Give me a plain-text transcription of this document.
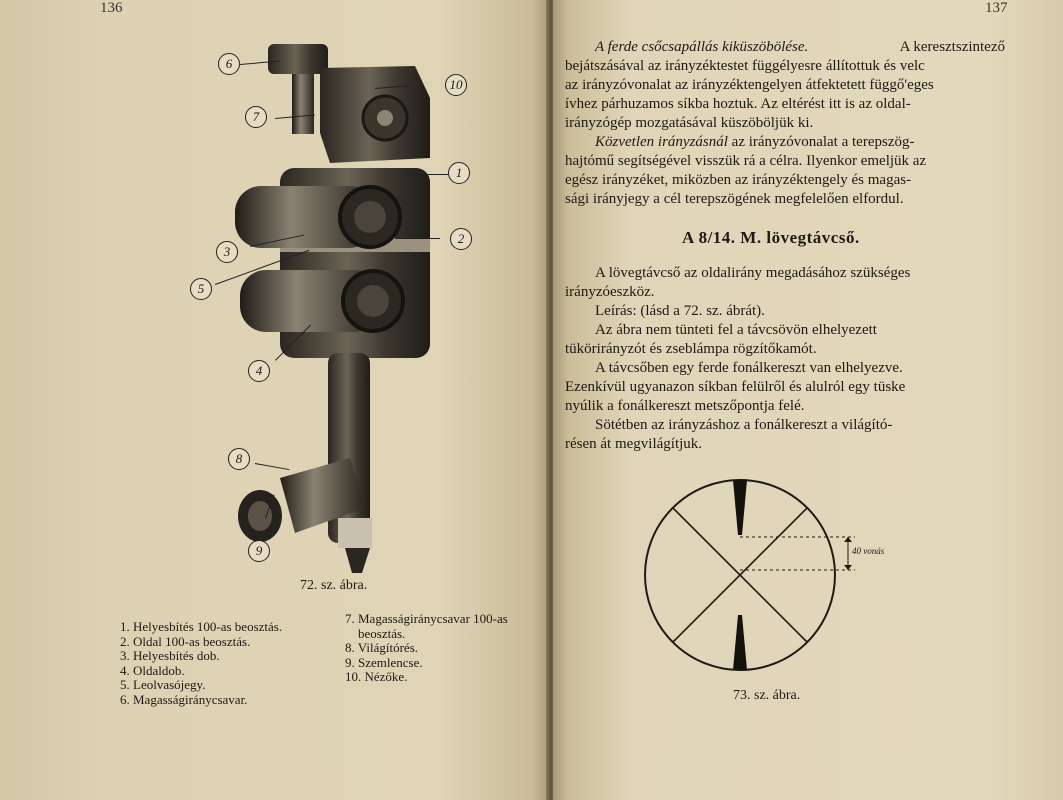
136

6
7
10
1
2
3
5
4
8
9
72. sz. ábra.
1. Helyesbítés 100-as beosztás.
2. Oldal 100-as beosztás.
3. Helyesbítés dob.
4. Oldaldob.
5. Leolvasójegy.
6. Magasságiránycsavar.
7. Magasságiránycsavar 100-as
beosztás.
8. Világítórés.
9. Szemlencse.
10. Nézőke.
137
A ferde csőcsapállás kiküszöbölése.	A keresztszintező
bejátszásával az irányzéktestet függélyesre állítottuk és velc
az irányzóvonalat az irányzéktengelyen átfektetett függő'eges
ívhez párhuzamos síkba hoztuk. Az eltérést itt is az oldal-
irányzógép mozgatásával küszöböljük ki.
Közvetlen irányzásnál az irányzóvonalat a terepszög-
hajtómű segítségével visszük rá a célra. Ilyenkor emeljük az
egész irányzéket, miközben az irányzéktengely és magas-
sági irányjegy a cél terepszögének megfelelően elfordul.
A 8/14. M. lövegtávcső.
A lövegtávcső az oldalirány megadásához szükséges
irányzóeszköz.
Leírás: (lásd a 72. sz. ábrát).
Az ábra nem tünteti fel a távcsövön elhelyezett
tükörirányzót és zseblámpa rögzítőkamót.
A távcsőben egy ferde fonálkereszt van elhelyezve.
Ezenkívül ugyanazon síkban felülről és alulról egy tüske
nyúlik a fonálkereszt metszőpontja felé.
Sötétben az irányzáshoz a fonálkereszt a világító-
résen át megvilágítjuk.
40 vonás
73. sz. ábra.
